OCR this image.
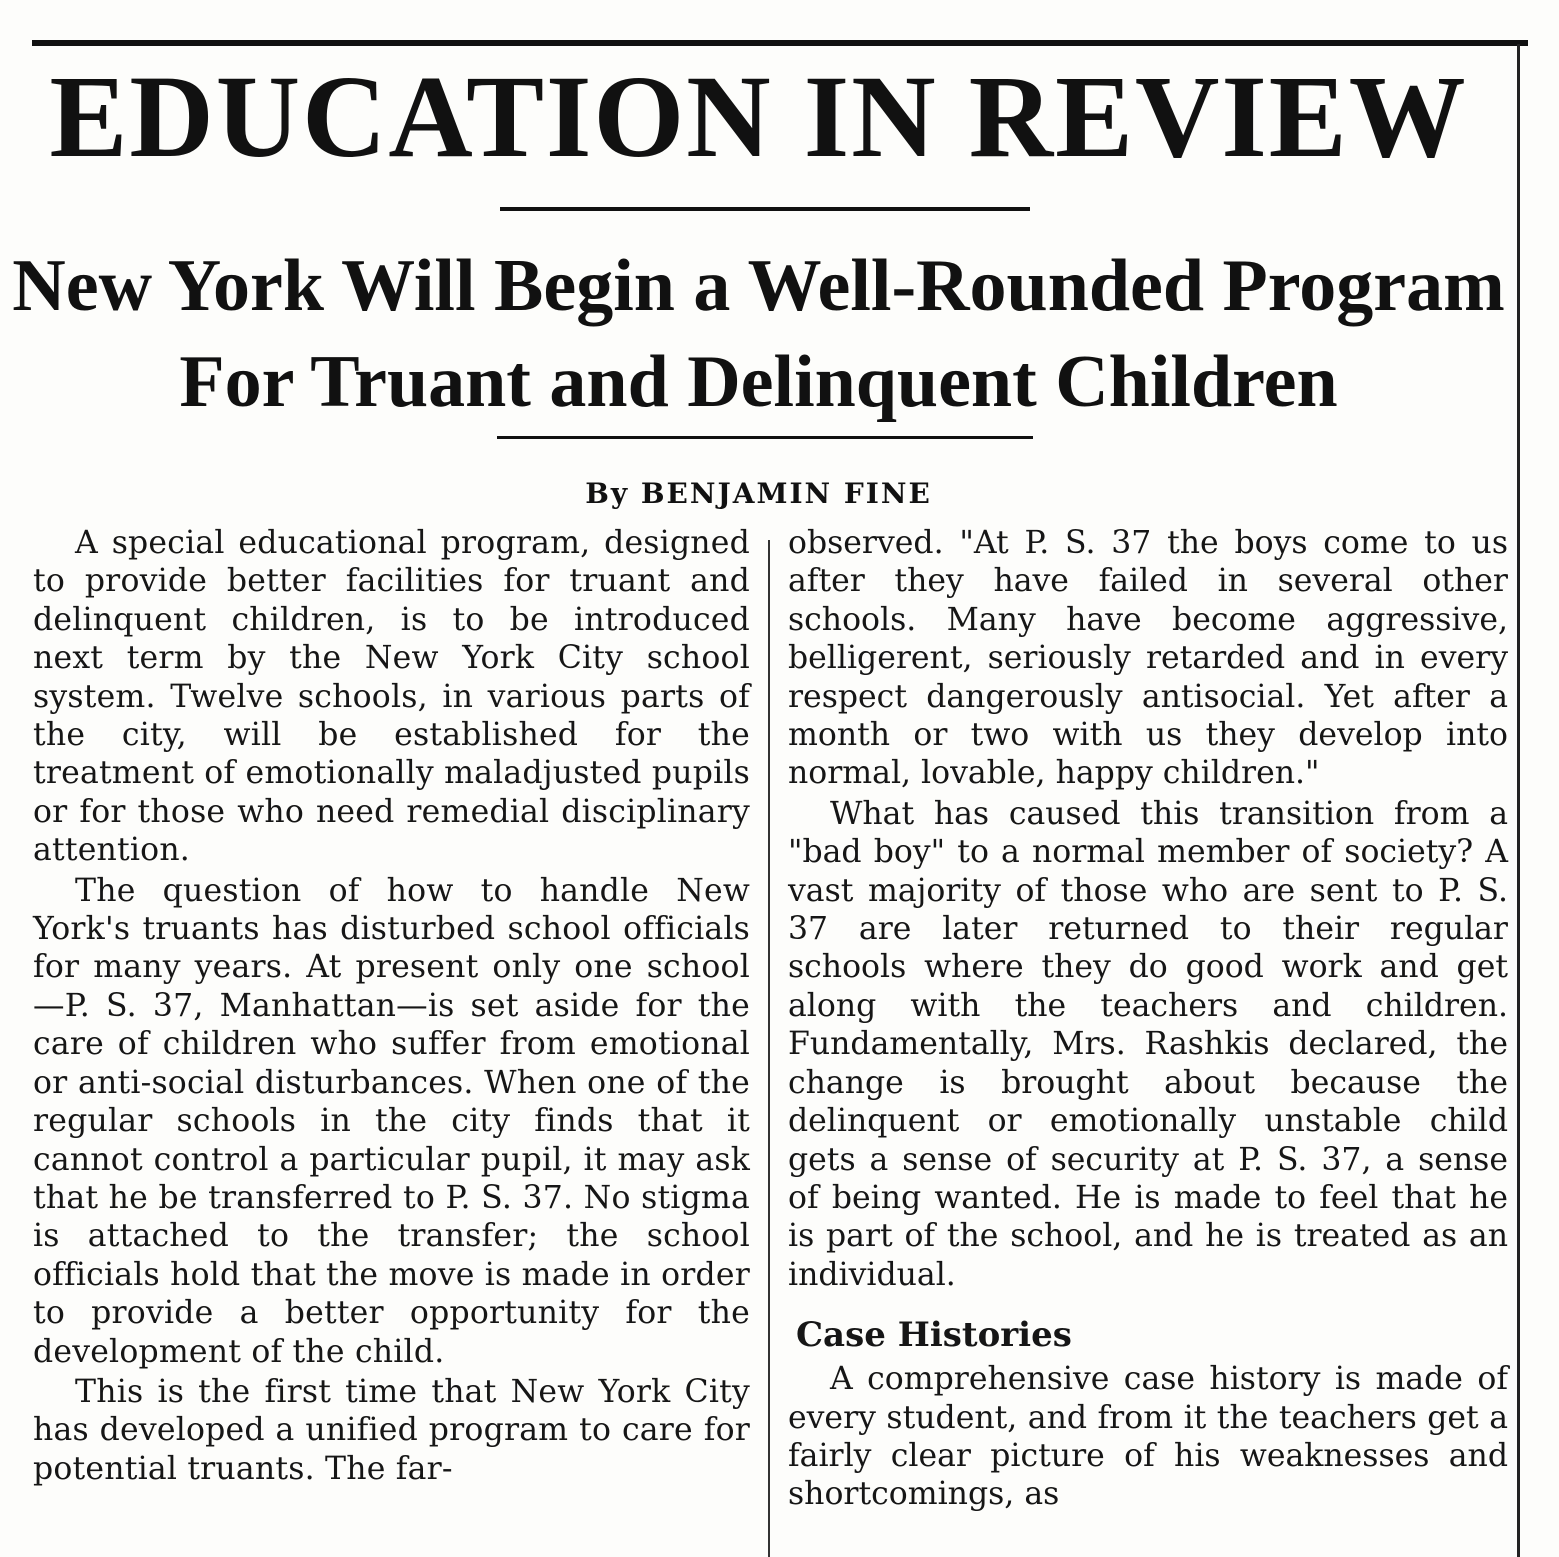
EDUCATION IN REVIEW
New York Will Begin a Well-Rounded Program
For Truant and Delinquent Children
By BENJAMIN FINE

A special educational program, designed to provide better facilities for truant and delinquent children, is to be introduced next term by the New York City school system. Twelve schools, in various parts of the city, will be established for the treatment of emotionally maladjusted pupils or for those who need remedial disciplinary attention.

The question of how to handle New York's truants has disturbed school officials for many years. At present only one school—P. S. 37, Manhattan—is set aside for the care of children who suffer from emotional or anti-social disturbances. When one of the regular schools in the city finds that it cannot control a particular pupil, it may ask that he be transferred to P. S. 37. No stigma is attached to the transfer; the school officials hold that the move is made in order to provide a better opportunity for the development of the child.

This is the first time that New York City has developed a unified program to care for potential truants. The far-

observed. "At P. S. 37 the boys come to us after they have failed in several other schools. Many have become aggressive, belligerent, seriously retarded and in every respect dangerously antisocial. Yet after a month or two with us they develop into normal, lovable, happy children."

What has caused this transition from a "bad boy" to a normal member of society? A vast majority of those who are sent to P. S. 37 are later returned to their regular schools where they do good work and get along with the teachers and children. Fundamentally, Mrs. Rashkis declared, the change is brought about because the delinquent or emotionally unstable child gets a sense of security at P. S. 37, a sense of being wanted. He is made to feel that he is part of the school, and he is treated as an individual.

Case Histories

A comprehensive case history is made of every student, and from it the teachers get a fairly clear picture of his weaknesses and shortcomings, as
